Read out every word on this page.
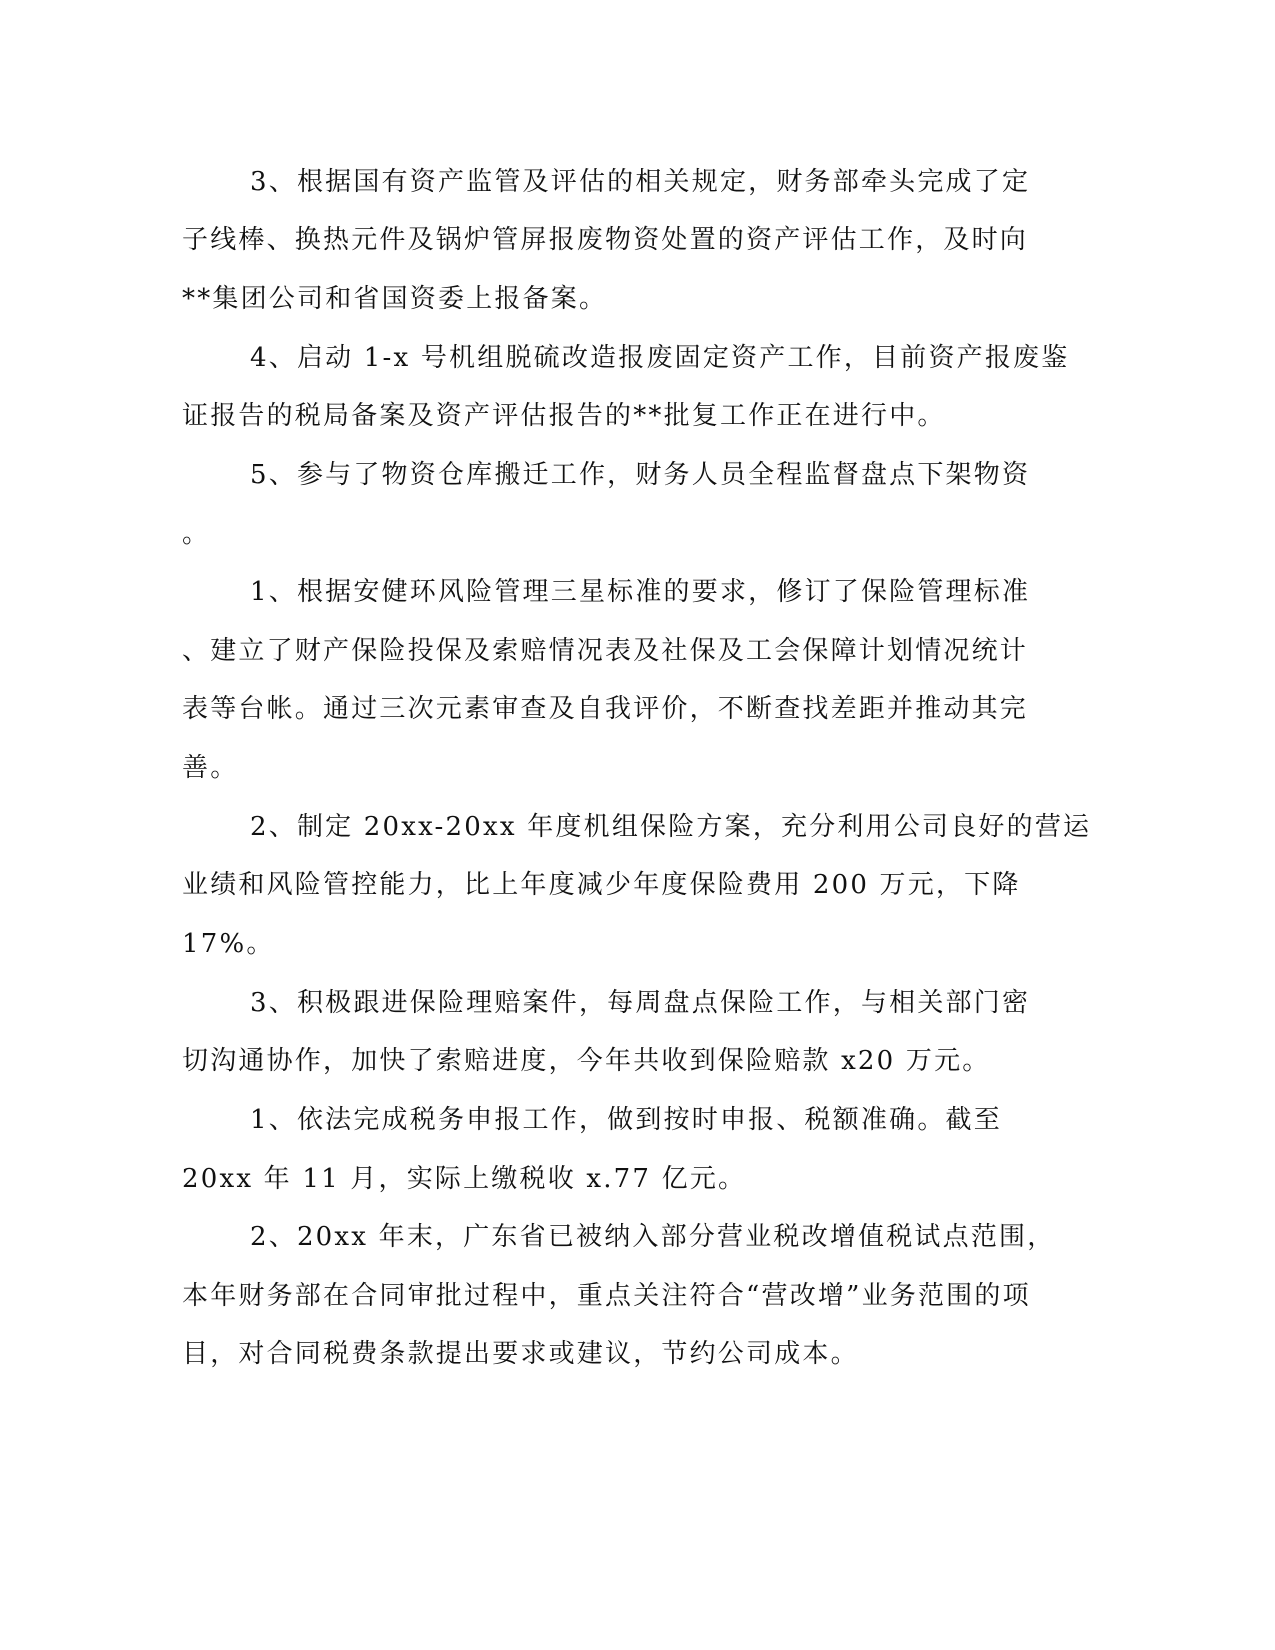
3、根据国有资产监管及评估的相关规定，财务部牵头完成了定
子线棒、换热元件及锅炉管屏报废物资处置的资产评估工作，及时向
**集团公司和省国资委上报备案。
4、启动 1-x 号机组脱硫改造报废固定资产工作，目前资产报废鉴
证报告的税局备案及资产评估报告的**批复工作正在进行中。
5、参与了物资仓库搬迁工作，财务人员全程监督盘点下架物资
。
1、根据安健环风险管理三星标准的要求，修订了保险管理标准
、建立了财产保险投保及索赔情况表及社保及工会保障计划情况统计
表等台帐。通过三次元素审查及自我评价，不断查找差距并推动其完
善。
2、制定 20xx-20xx 年度机组保险方案，充分利用公司良好的营运
业绩和风险管控能力，比上年度减少年度保险费用 200 万元，下降
17%。
3、积极跟进保险理赔案件，每周盘点保险工作，与相关部门密
切沟通协作，加快了索赔进度，今年共收到保险赔款 x20 万元。
1、依法完成税务申报工作，做到按时申报、税额准确。截至
20xx 年 11 月，实际上缴税收 x.77 亿元。
2、20xx 年末，广东省已被纳入部分营业税改增值税试点范围，
本年财务部在合同审批过程中，重点关注符合“营改增”业务范围的项
目，对合同税费条款提出要求或建议，节约公司成本。
